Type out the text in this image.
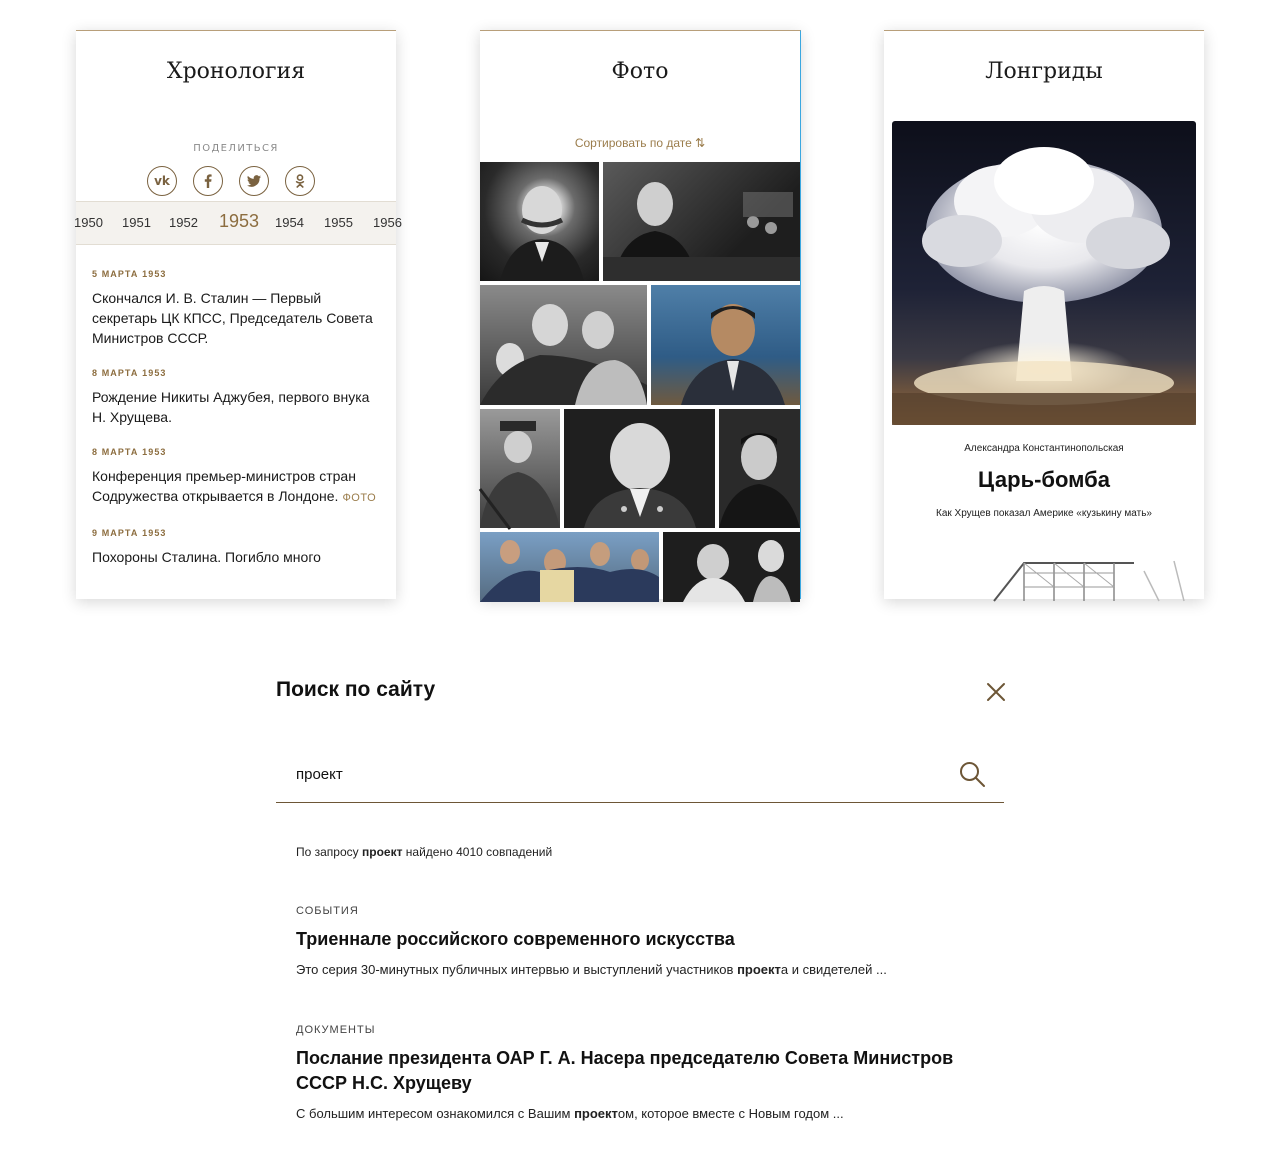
Хронология
ПОДЕЛИТЬСЯ
vk
1950 1951 1952 1953 1954 1955 1956
5 МАРТА 1953
Скончался И. В. Сталин — Первый секретарь ЦК КПСС, Председатель Совета Министров СССР.
8 МАРТА 1953
Рождение Никиты Аджубея, первого внука Н. Хрущева.
8 МАРТА 1953
Конференция премьер-министров стран Содружества открывается в Лондоне. ФОТО
9 МАРТА 1953
Похороны Сталина. Погибло много
Фото
Сортировать по дате ⇅
Лонгриды
Александра Константинопольская
Царь-бомба
Как Хрущев показал Америке «кузькину мать»
Поиск по сайту
проект
По запросу проект найдено 4010 совпадений
СОБЫТИЯ
Триеннале российского современного искусства
Это серия 30-минутных публичных интервью и выступлений участников проекта и свидетелей ...
ДОКУМЕНТЫ
Послание президента ОАР Г. А. Насера председателю Совета Министров СССР Н.С. Хрущеву
С большим интересом ознакомился с Вашим проектом, которое вместе с Новым годом ...
